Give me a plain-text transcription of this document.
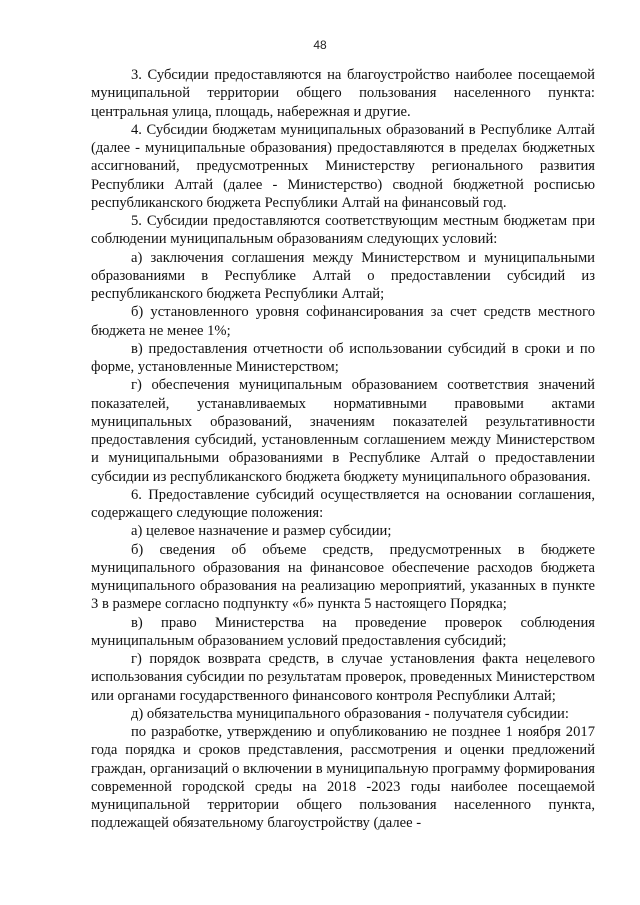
48

3. Субсидии предоставляются на благоустройство наиболее посещаемой муниципальной территории общего пользования населенного пункта: центральная улица, площадь, набережная и другие.

4. Субсидии бюджетам муниципальных образований в Республике Алтай (далее - муниципальные образования) предоставляются в пределах бюджетных ассигнований, предусмотренных Министерству регионального развития Республики Алтай (далее - Министерство) сводной бюджетной росписью республиканского бюджета Республики Алтай на финансовый год.

5. Субсидии предоставляются соответствующим местным бюджетам при соблюдении муниципальным образованиям следующих условий:

а) заключения соглашения между Министерством и муниципальными образованиями в Республике Алтай о предоставлении субсидий из республиканского бюджета Республики Алтай;

б) установленного уровня софинансирования за счет средств местного бюджета не менее 1%;

в) предоставления отчетности об использовании субсидий в сроки и по форме, установленные Министерством;

г) обеспечения муниципальным образованием соответствия значений показателей, устанавливаемых нормативными правовыми актами муниципальных образований, значениям показателей результативности предоставления субсидий, установленным соглашением между Министерством и муниципальными образованиями в Республике Алтай о предоставлении субсидии из республиканского бюджета бюджету муниципального образования.

6. Предоставление субсидий осуществляется на основании соглашения, содержащего следующие положения:

а) целевое назначение и размер субсидии;

б) сведения об объеме средств, предусмотренных в бюджете муниципального образования на финансовое обеспечение расходов бюджета муниципального образования на реализацию мероприятий, указанных в пункте 3 в размере согласно подпункту «б» пункта 5 настоящего Порядка;

в) право Министерства на проведение проверок соблюдения муниципальным образованием условий предоставления субсидий;

г) порядок возврата средств, в случае установления факта нецелевого использования субсидии по результатам проверок, проведенных Министерством или органами государственного финансового контроля Республики Алтай;

д) обязательства муниципального образования - получателя субсидии:

по разработке, утверждению и опубликованию не позднее 1 ноября 2017 года порядка и сроков представления, рассмотрения и оценки предложений граждан, организаций о включении в муниципальную программу формирования современной городской среды на 2018 -2023 годы наиболее посещаемой муниципальной территории общего пользования населенного пункта, подлежащей обязательному благоустройству (далее -
